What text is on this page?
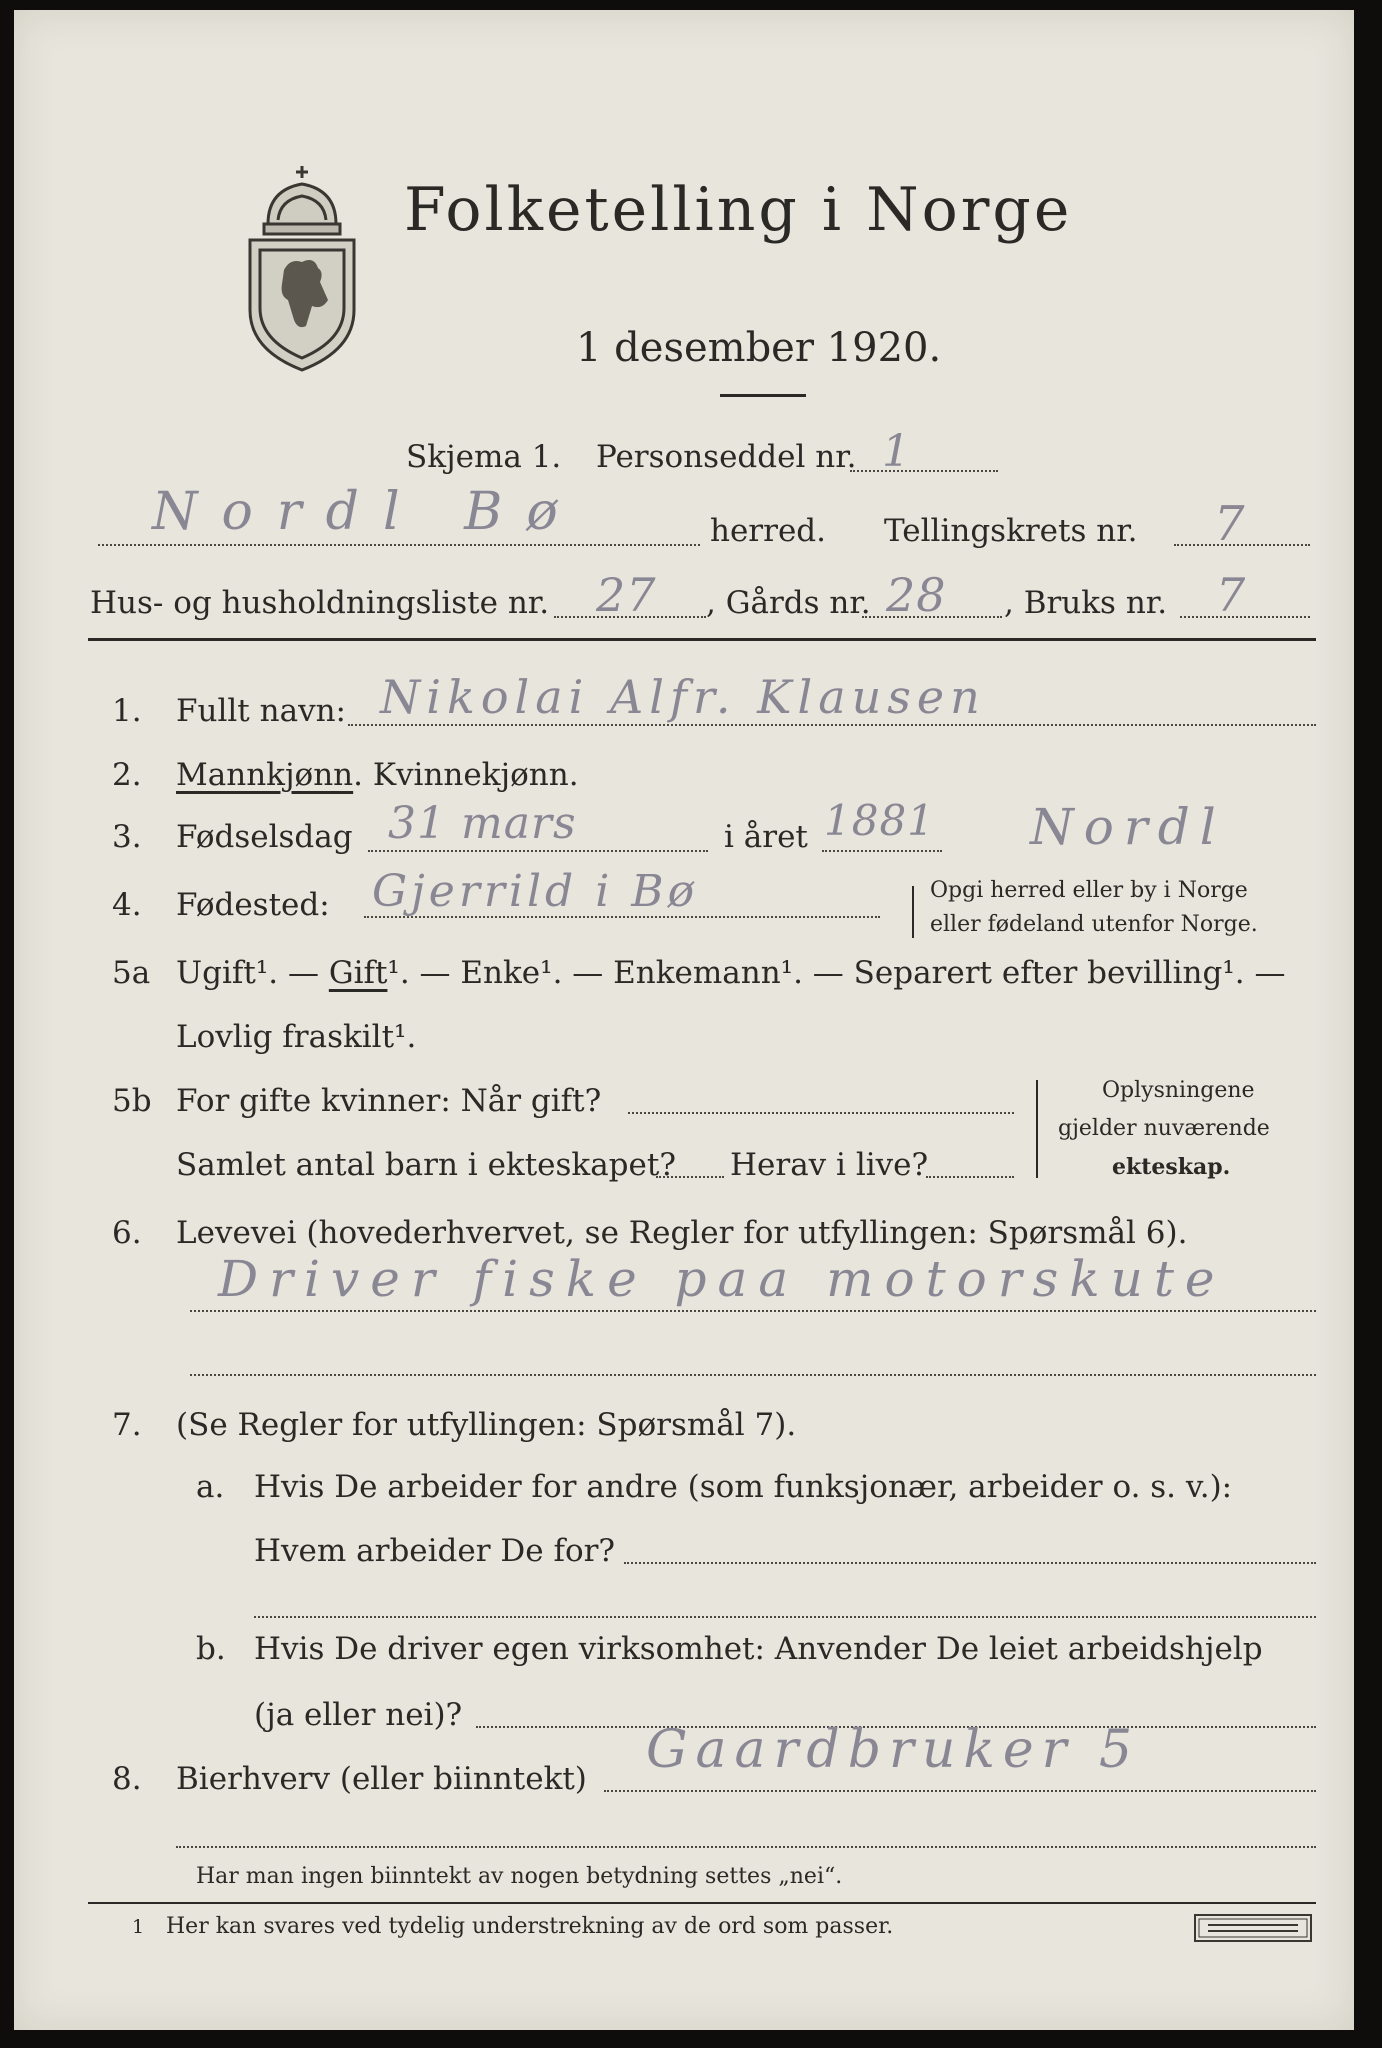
Folketelling i Norge
1 desember 1920.
Skjema 1. Personseddel nr. 1
Nordl Bø	herred. Tellingskrets nr. 7
Hus- og husholdningsliste nr. 27 , Gårds nr. 28 , Bruks nr. 7
1. Fullt navn: Nikolai Alfr. Klausen
2. Mannkjønn. Kvinnekjønn.
3. Fødselsdag 31 mars	i året 1881 Nordl
4. Fødested: Gjerrild i Bø	Opgi herred eller by i Norge
eller fødeland utenfor Norge.
5a Ugift¹. — Gift¹. — Enke¹. — Enkemann¹. — Separert efter bevilling¹. —
Lovlig fraskilt¹.
5b For gifte kvinner: Når gift?
Samlet antal barn i ekteskapet? Herav i live?
Oplysningene
gjelder nuværende
ekteskap.
6. Levevei (hovederhvervet, se Regler for utfyllingen: Spørsmål 6).
Driver fiske paa motorskute
7. (Se Regler for utfyllingen: Spørsmål 7).
a. Hvis De arbeider for andre (som funksjonær, arbeider o. s. v.):
Hvem arbeider De for?
b. Hvis De driver egen virksomhet: Anvender De leiet arbeidshjelp
(ja eller nei)?
8. Bierhverv (eller biinntekt) Gaardbruker 5
Har man ingen biinntekt av nogen betydning settes „nei“.
1 Her kan svares ved tydelig understrekning av de ord som passer.
